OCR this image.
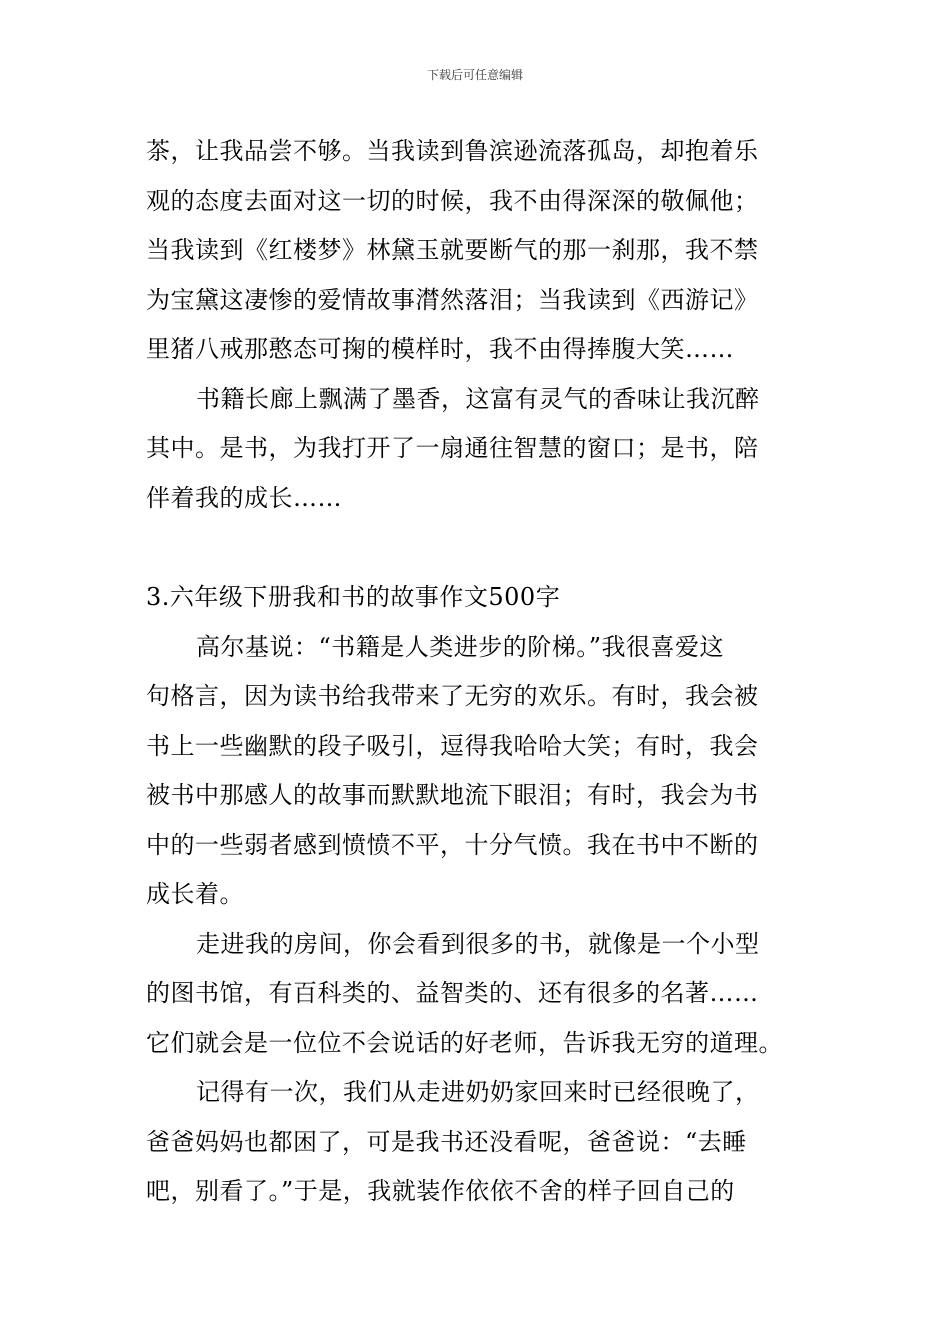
下载后可任意编辑
茶，让我品尝不够。当我读到鲁滨逊流落孤岛，却抱着乐
观的态度去面对这一切的时候，我不由得深深的敬佩他；
当我读到《红楼梦》林黛玉就要断气的那一刹那，我不禁
为宝黛这凄惨的爱情故事潸然落泪；当我读到《西游记》
里猪八戒那憨态可掬的模样时，我不由得捧腹大笑……
书籍长廊上飘满了墨香，这富有灵气的香味让我沉醉
其中。是书，为我打开了一扇通往智慧的窗口；是书，陪
伴着我的成长……
3.六年级下册我和书的故事作文500字
高尔基说：“书籍是人类进步的阶梯。”我很喜爱这
句格言，因为读书给我带来了无穷的欢乐。有时，我会被
书上一些幽默的段子吸引，逗得我哈哈大笑；有时，我会
被书中那感人的故事而默默地流下眼泪；有时，我会为书
中的一些弱者感到愤愤不平，十分气愤。我在书中不断的
成长着。
走进我的房间，你会看到很多的书，就像是一个小型
的图书馆，有百科类的、益智类的、还有很多的名著……
它们就会是一位位不会说话的好老师，告诉我无穷的道理。
记得有一次，我们从走进奶奶家回来时已经很晚了，
爸爸妈妈也都困了，可是我书还没看呢，爸爸说：“去睡
吧，别看了。”于是，我就装作依依不舍的样子回自己的
